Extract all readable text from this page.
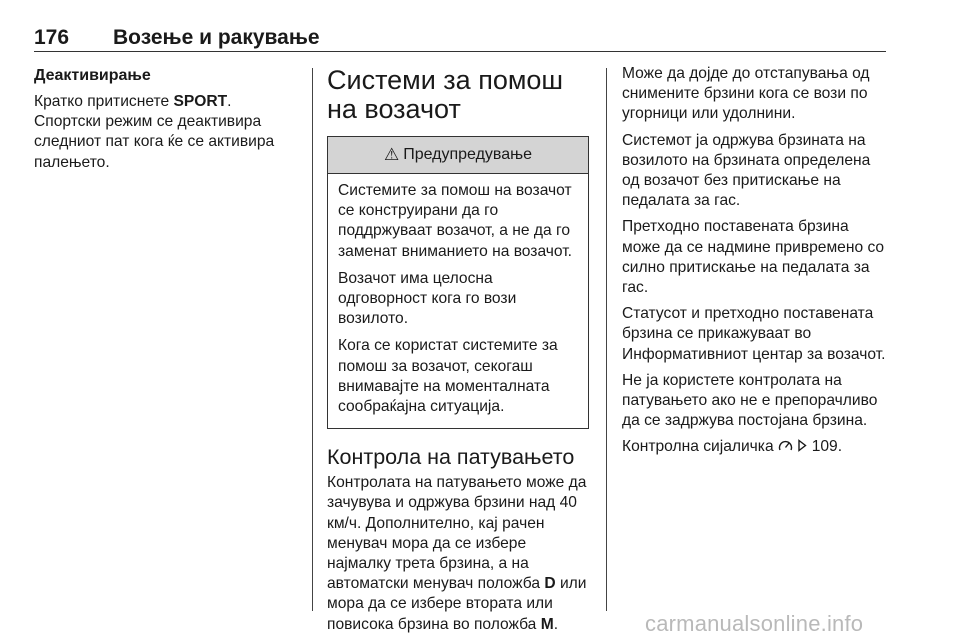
176	Возење и ракување
Деактивирање

Кратко притиснете SPORT. Спортски режим се деактивира следниот пат кога ќе се активира палењето.

Системи за помош на возачот
⚠ Предупредување

Системите за помош на возачот се конструирани да го поддржуваат возачот, а не да го заменат вниманието на возачот.

Возачот има целосна одговорност кога го вози возилото.

Кога се користат системите за помош за возачот, секогаш внимавајте на моменталната сообраќајна ситуација.

Контрола на патувањето

Контролата на патувањето може да зачувува и одржува брзини над 40 км/ч. Дополнително, кај рачен менувач мора да се избере најмалку трета брзина, а на автоматски менувач положба D или мора да се избере втората или повисока брзина во положба M.

Може да дојде до отстапувања од снимените брзини кога се вози по угорници или удолнини.

Системот ја одржува брзината на возилото на брзината определена од возачот без притискање на педалата за гас.

Претходно поставената брзина може да се надмине привремено со силно притискање на педалата за гас.

Статусот и претходно поставената брзина се прикажуваат во Информативниот центар за возачот.

Не ја користете контролата на патувањето ако не е препорачливо да се задржува постојана брзина.

Контролна сијаличка 109.

carmanualsonline.info
